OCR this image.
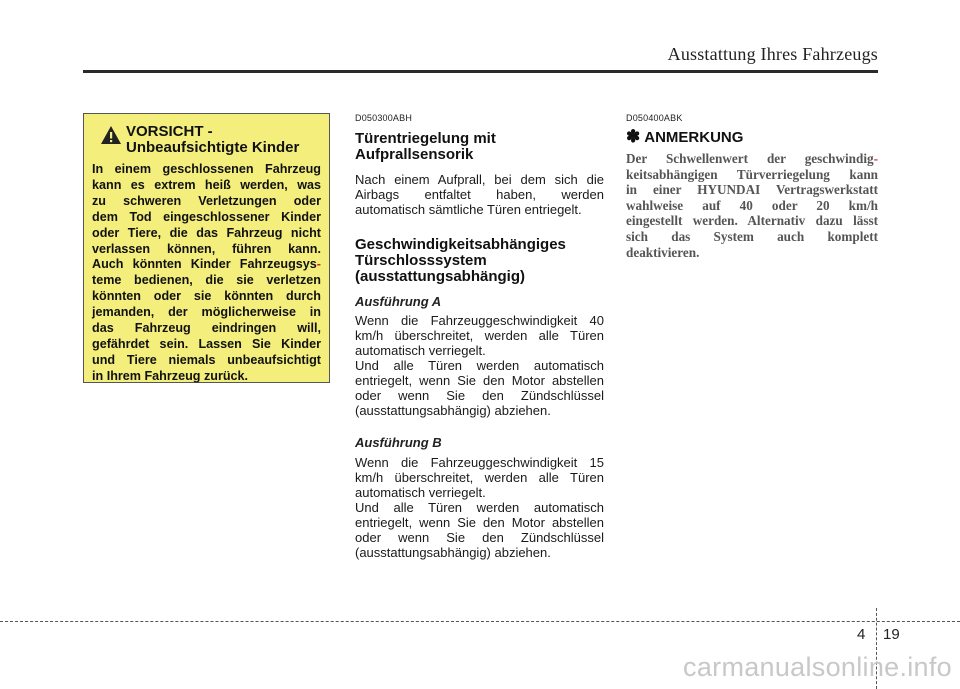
Ausstattung Ihres Fahrzeugs
VORSICHT -
Unbeaufsichtigte Kinder
In einem geschlossenen Fahrzeug
kann es extrem heiß werden, was
zu schweren Verletzungen oder
dem Tod eingeschlossener Kinder
oder Tiere, die das Fahrzeug nicht
verlassen können, führen kann.
Auch könnten Kinder Fahrzeugsys-
teme bedienen, die sie verletzen
könnten oder sie könnten durch
jemanden, der möglicherweise in
das Fahrzeug eindringen will,
gefährdet sein. Lassen Sie Kinder
und Tiere niemals unbeaufsichtigt
in Ihrem Fahrzeug zurück.
D050300ABH
Türentriegelung mit
Aufprallsensorik
Nach einem Aufprall, bei dem sich die
Airbags entfaltet haben, werden
automatisch sämtliche Türen entriegelt.
Geschwindigkeitsabhängiges
Türschlosssystem
(ausstattungsabhängig)
Ausführung A
Wenn die Fahrzeuggeschwindigkeit 40
km/h überschreitet, werden alle Türen
automatisch verriegelt.
Und alle Türen werden automatisch
entriegelt, wenn Sie den Motor abstellen
oder wenn Sie den Zündschlüssel
(ausstattungsabhängig) abziehen.
Ausführung B
Wenn die Fahrzeuggeschwindigkeit 15
km/h überschreitet, werden alle Türen
automatisch verriegelt.
Und alle Türen werden automatisch
entriegelt, wenn Sie den Motor abstellen
oder wenn Sie den Zündschlüssel
(ausstattungsabhängig) abziehen.
D050400ABK
✽ ANMERKUNG
Der Schwellenwert der geschwindig-
keitsabhängigen Türverriegelung kann
in einer HYUNDAI Vertragswerkstatt
wahlweise auf 40 oder 20 km/h
eingestellt werden. Alternativ dazu lässt
sich das System auch komplett
deaktivieren.
4 19
carmanualsonline.info
